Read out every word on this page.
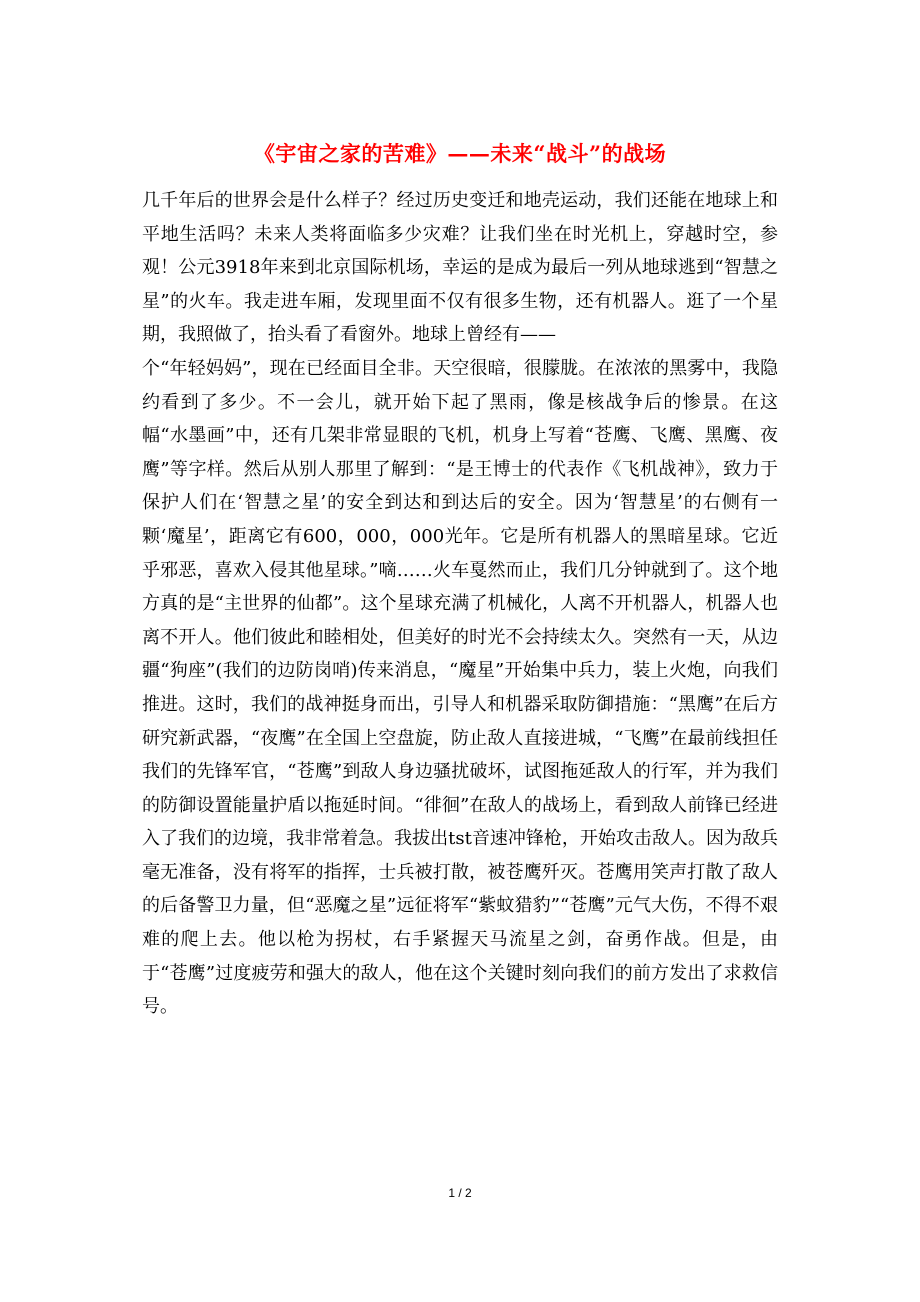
《宇宙之家的苦难》——未来“战斗”的战场

几千年后的世界会是什么样子？经过历史变迁和地壳运动，我们还能在地球上和平地生活吗？未来人类将面临多少灾难？让我们坐在时光机上，穿越时空，参观！公元3918年来到北京国际机场，幸运的是成为最后一列从地球逃到“智慧之星”的火车。我走进车厢，发现里面不仅有很多生物，还有机器人。逛了一个星期，我照做了，抬头看了看窗外。地球上曾经有——

个“年轻妈妈”，现在已经面目全非。天空很暗，很朦胧。在浓浓的黑雾中，我隐约看到了多少。不一会儿，就开始下起了黑雨，像是核战争后的惨景。在这幅“水墨画”中，还有几架非常显眼的飞机，机身上写着“苍鹰、飞鹰、黑鹰、夜鹰”等字样。然后从别人那里了解到：“是王博士的代表作《飞机战神》，致力于保护人们在‘智慧之星’的安全到达和到达后的安全。因为‘智慧星’的右侧有一颗‘魔星’，距离它有600，000，000光年。它是所有机器人的黑暗星球。它近乎邪恶，喜欢入侵其他星球。”嘀……火车戛然而止，我们几分钟就到了。这个地方真的是“主世界的仙都”。这个星球充满了机械化，人离不开机器人，机器人也离不开人。他们彼此和睦相处，但美好的时光不会持续太久。突然有一天，从边疆“狗座”(我们的边防岗哨)传来消息，“魔星”开始集中兵力，装上火炮，向我们推进。这时，我们的战神挺身而出，引导人和机器采取防御措施：“黑鹰”在后方研究新武器，“夜鹰”在全国上空盘旋，防止敌人直接进城，“飞鹰”在最前线担任我们的先锋军官，“苍鹰”到敌人身边骚扰破坏，试图拖延敌人的行军，并为我们的防御设置能量护盾以拖延时间。“徘徊”在敌人的战场上，看到敌人前锋已经进入了我们的边境，我非常着急。我拔出tst音速冲锋枪，开始攻击敌人。因为敌兵毫无准备，没有将军的指挥，士兵被打散，被苍鹰歼灭。苍鹰用笑声打散了敌人的后备警卫力量，但“恶魔之星”远征将军“紫蚊猎豹”“苍鹰”元气大伤，不得不艰难的爬上去。他以枪为拐杖，右手紧握天马流星之剑，奋勇作战。但是，由于“苍鹰”过度疲劳和强大的敌人，他在这个关键时刻向我们的前方发出了求救信号。

1 / 2
